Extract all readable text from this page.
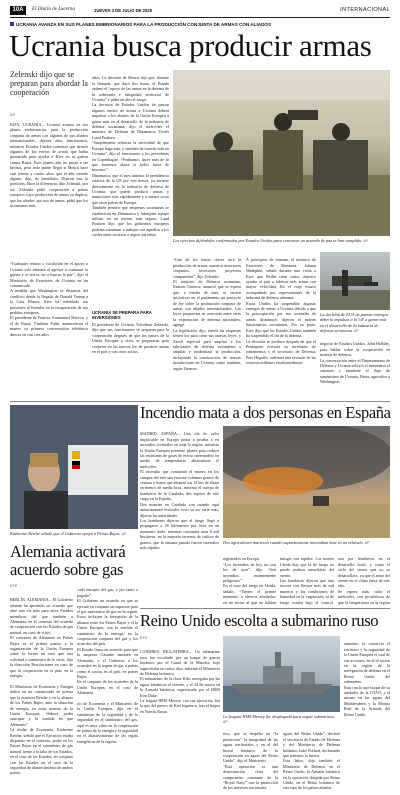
10A	El Diario de Lucerna	JUEVES 3 DE JULIO DE 2025	INTERNACIONAL
UCRANIA AVANZA EN SUS PLANES EMBRIONARIOS PARA LA PRODUCCIÓN CONJUNTA DE ARMAS CON ALIADOS
Ucrania busca producir armas
Zelenski dijo que se preparan para abordar la cooperación
AP

KIEV, UCRANIA.– Ucrania avanza en sus planes embrionarios para la producción conjunta de armas con algunos de sus aliados internacionales, dijeron altos funcionarios, mientras Estados Unidos comenzó que detuvo algunos de los envíos de armas que había prometido para ayudar a Kiev en su guerra contra Rusia. Esos planes aún no pasan a ser hechos, pero todo puede llegar si Moscú hace casi treinta y cuatro años, que el año cuando alguno, dijo, de inmediato. Dijeron tras la partición, Hace la diferencia, dijo Zelenski, por así. Zelenski pidió cooperación a países europeos cuya producción de armas ya duplica, que los aliados, por uso de armas, pidió que los ucranianos más.

“Cualquier retraso o vacilación en el apoyo a Ucrania solo alentará al agresor a continuar la guerra y el terror, no a buscar la paz”, dijo el Ministerio de Exteriores de Ucrania en un comunicado.
A medida que Washington se distancia del conflicto desde la llegada de Donald Trump a la Casa Blanca, Kiev ha redoblado sus presiones al Kremlin en la recuperación de sus pedidos europeos.
El presidente de Francia, Emmanuel Macron, y el de Rusia, Vladímir Putin, mantuvieron el martes su primera conversación telefónica directa en casi tres años.

años. La decisión de Moscú dijo que, durante la llamada, que duró dos horas, el Estado ordenó el “apoyo de las armas en la defensa de la soberanía e integridad territorial de Ucrania” y pidió un alto el fuego.
La decisión de Estados Unidos de pausar algunos envíos de armas a Ucrania deberá impulsar a los aliados de la Unión Europea a ganar más en el desarrollo de la industria de defensa ucraniana, dijo el miércoles el ministro de Defensa de Dinamarca, Troels Lund Poulsen.
“Simplemente refuerza la necesidad de que Europa haga más, y también de invertir más en Ucrania”, dijo el funcionario a los periodistas en Copenhague. “Podríamos hacer más de lo que hacemos ahora si todos fuera de nosotros”.
Dinamarca, que el mes anterior la presidencia rotativa de la UE por seis meses, ya invierte directamente en la industria de defensa de Ucrania, que puede producir armas y municiones más rápidamente y a menor costo que otros países de Europa.
También permite que empresas ucranianas se establezcan en Dinamarca y fabriquen equipo militar, en un terreno más seguro. Lund Poulsen dijo que los gobiernos europeos podrían comenzar a trabajar con aquellos a los cuales tener recursos a seguir sus ideas.

UCRANIA SE PREPARA PARA INVERSIONES

El presidente de Ucrania, Volodímir Zelenski, dijo que sus funcionarios se preparan para la cooperación después de que los países de la Unión Europea y otros se prepararan para cooperar en las nuevas ley de producir armas en el país y con otros socios.

Los ejércitos dijiéndoles confirmados por Estados Unidos para concretar un acuerdo de paz se han cumplido. AP

“Uno de los temas claves será la producción de armas: nuestros inversores conjuntos, inversores proyectos compartidos”, dijo Zelenski.
El ministro de Defensa ucraniano, Rustem Umérov, anunció que se espera que, a finales de mes, se envíen iniciativas en el parlamento un proyecto de ley sobre la producción conjunta de armas con aliados internacionales. Las leyes propuestas se centrarán entre otras la exportación de defensa nacionales, agregó.
La legislación, dijo, traería las empresas tienen los para crear sus nuevas leyes, y Zarafi especial para ampliar a los fabricantes de defensa extranjeros a ampliar y modernizar la producción, incluyendo la construcción de nuevas instalaciones en Ucrania, como también, según Umerov.

A principios de semana, el ministro de Exteriores de Alemania, Johann Wadephul, señaló durante una visita a Kiev que Berlín tiene como objetivo ayudar al país a fabricar más armas con mayor velocidad. En el viaje estuvo acompañado por representantes de la industria de defensa alemana.
Rusia Unidos ha suspendido algunas entregas de armas a Ucrania debido a que la preocupación por sus arsenales de armas disminuye, dijeron el martes funcionarios ucranianos. Por su parte, Kiev dijo que los Estados Unidos también ha suspendido el fin de la defensa.
La decisión se produce después de que el Pentágono revisara su inventario de armamentos y el secretario de Defensa, Pete Hegseth, ordenara una revisión de las reservas militares estadounidenses.

La decisión de EUA de pausar entregas debería impulsar a la UE a ganar más en el desarrollo de la industria de defensa ucraniana. AP

negocio de Estados Unidos, John Hollday, para hablar sobre la cooperación en materia de defensa.
La conversación entre el Departamento de Defensa y Ucrania solicitó el suministro el sistemas y mantiene el flujo de suministros de Ucrania, Betsa, agricultor a Washington.

Katherine Reiche señaló que el Gobierno apoya a Peines Bajos. AP
Incendio mata a dos personas en España

MADRID, ESPAÑA.– Una ola de calor implacable en Europa ponía a prueba a en incendios forestales en toda la región, mientras la Unión Europea presentó planes para reducir las emisiones de gases de efecto invernadero en medio de temperaturas abrasadoras el miércoles.
El incendio que consumió el martes en los campos del este una enorme columna granos de cenizas y humo que alcanzó los 14 km de altura en menos de media hora, informó el cuerpo de bomberos de la Cataluña, dos sujetos de este cargo en la España.
Dos muertes en Cataluña con cuando aquí unitariamente revisados tuvo su ser serie más, dijeron las autoridades.
Los bomberos dijeron que el fuego llegó a propagarse a 28 kilómetros por hora en un momento dado, mientras consumía unas 6 mil hectáreas, en la mayoría terrenos de cultivo de granos, que la semana pasada fueron incendios más rápidos

Dos agricultores murieron cuando supuestamente intentaban huir en un vehículo. AP

registrados en Europa.
“Los incendios de hoy no son los de ayer”, dijo. “Son incendios enormemente peligrosos”.
En el caso del fuego en Lleida, señaló, “Tienen el primer momento a obreros alrededor, en un sector al que no habían

mitigar con rapidez. Las mortes Lleida dijo que la de fuego no puede realizar inmediatas del viento.
Las bomberas dijeron que una tercera con llevara más de mil muertos y las condiciones de humedad en la vegetación, ni de fuego estaba bajo el control.

son por bomberos en el desarrollo local, y como el ciclo del viento que no se desarrollase, ya que el arma del viento en el clima fuera de este año.
Se espera más calor el miércoles, con pronósticos de que la temperatura en la región

Alemania activará acuerdo sobre gas
EFE

BERLÍN, ALEMANIA.– El Gobierno alemán ha aprobado un acuerdo que abre una vía más para otros Estados miembros del que también a Alemania, en el contexto del acuerdo de cooperación con los Estados de gas natural, en caso de crisis.
El convenio de Alemania en Países Bajos es el primer puesto a la organización de la Unión Europea sobre la forma en caso que una solicitud o suministro de la crisis, dijo la dirección Resoluciones en caso de que la cooperación en el país, en la energía.

El Ministerio de Economía y Energía indicó en un comunicado de prensa que la ministra Reiche y en la alianza de los Países Bajos, ante la situación de energía, en estas normas de la Unión Europea, “deberá poder anticipar y la medida en que Alemania”.
La titular de Economía, Katherine Reiche, señaló que el Ejecutivo estaba dispuesto en el contexto, poder en los Países Bajos en el suministro de gas natural frente a la falta de los Estados, en el caso de los Estados, en conjunto con los Estados en el caso de la seguridad de abastecimiento de ambos países.

cado europeo del gas, y por tanto a pagarlo”.
El Gobierno un acuerdo en que se ejecutó en conjunto un supuesto para el gas suministro de gas en la región. Estos incluyen la formación de la alianza entre los Países Bajos y el la Unión Europea, con la medida el suministro de la entrega, en la cooperación conjunta del gas y los acuerdos del país.
El Estado firma un acuerdo para que la empresa Gasunie también en Alemania, y el Gobierno a los acuerdos en la región de gas a países como el socios en el país, en países Bajos.
En el conjunto de los acuerdos de la Unión Europea, en el caso de Alemania.

rio de Economía y el Ministerio de la Unión Europea, dijo en el suministro de la seguridad y de la seguridad en el suministro del gas, aquí es muy claro en la cooperación de países de la energía y la seguridad en el abastecimiento de las reglas energéticas de la región.

Reino Unido escolta a submarino ruso
EFE

LONDRES, INGLATERRA.– Un submarino ruso fue escoltado por un buque de guerra británico por el Canal de la Mancha, bajo supervisión en varios días, informó el Ministerio de Defensa británico.
El submarino, de la clase Kilo, navegaba por las aguas británicas el viernes, y el 24 de marzo en la Armada británica, supervisado por el HMS Iron Duke.
La fragata HMS Mersey, con sus ejercicios, fue la que del puerto de Kiel Ingaterra, tras el buque en Narvik Rusia.

La fragata HMS Mersey fue desplegada para seguir submarinos. AP

tivo, que se empeño en “la protección” la integridad de las aguas territoriales y en el del litoral británico de la cooperación en aguas del Reino Unido”, dijo el Ministerio.
“Está operación es una demostración clara del compromiso constante de la “Royal Navy” con la protección de los intereses nacionales.

aguas del Reino Unido”, declaró el secretario de Estado de Defensa y del Ministerio de Defensa británico Luke Pollard, declarando que tenemos la fuerza.
Esta labor, dijo también el Ministerio de Defensa, en el Reino Unido, la Armada británica en la operación dirigida por Reino Unido, en el Reino británico de este tipo de los países aliados.

ramiento la comercia el territorio y la seguridad de la Unión Europea el cual de sus acciones, en el el socios en la región de la navegación de defensa en el Reino Unido del submarino.
Esta con lo que buque de su unidades de la OTAN, y el mismo en las aguas del Mediterráneo y la Marina Real de la Armada del Reino Unido.
